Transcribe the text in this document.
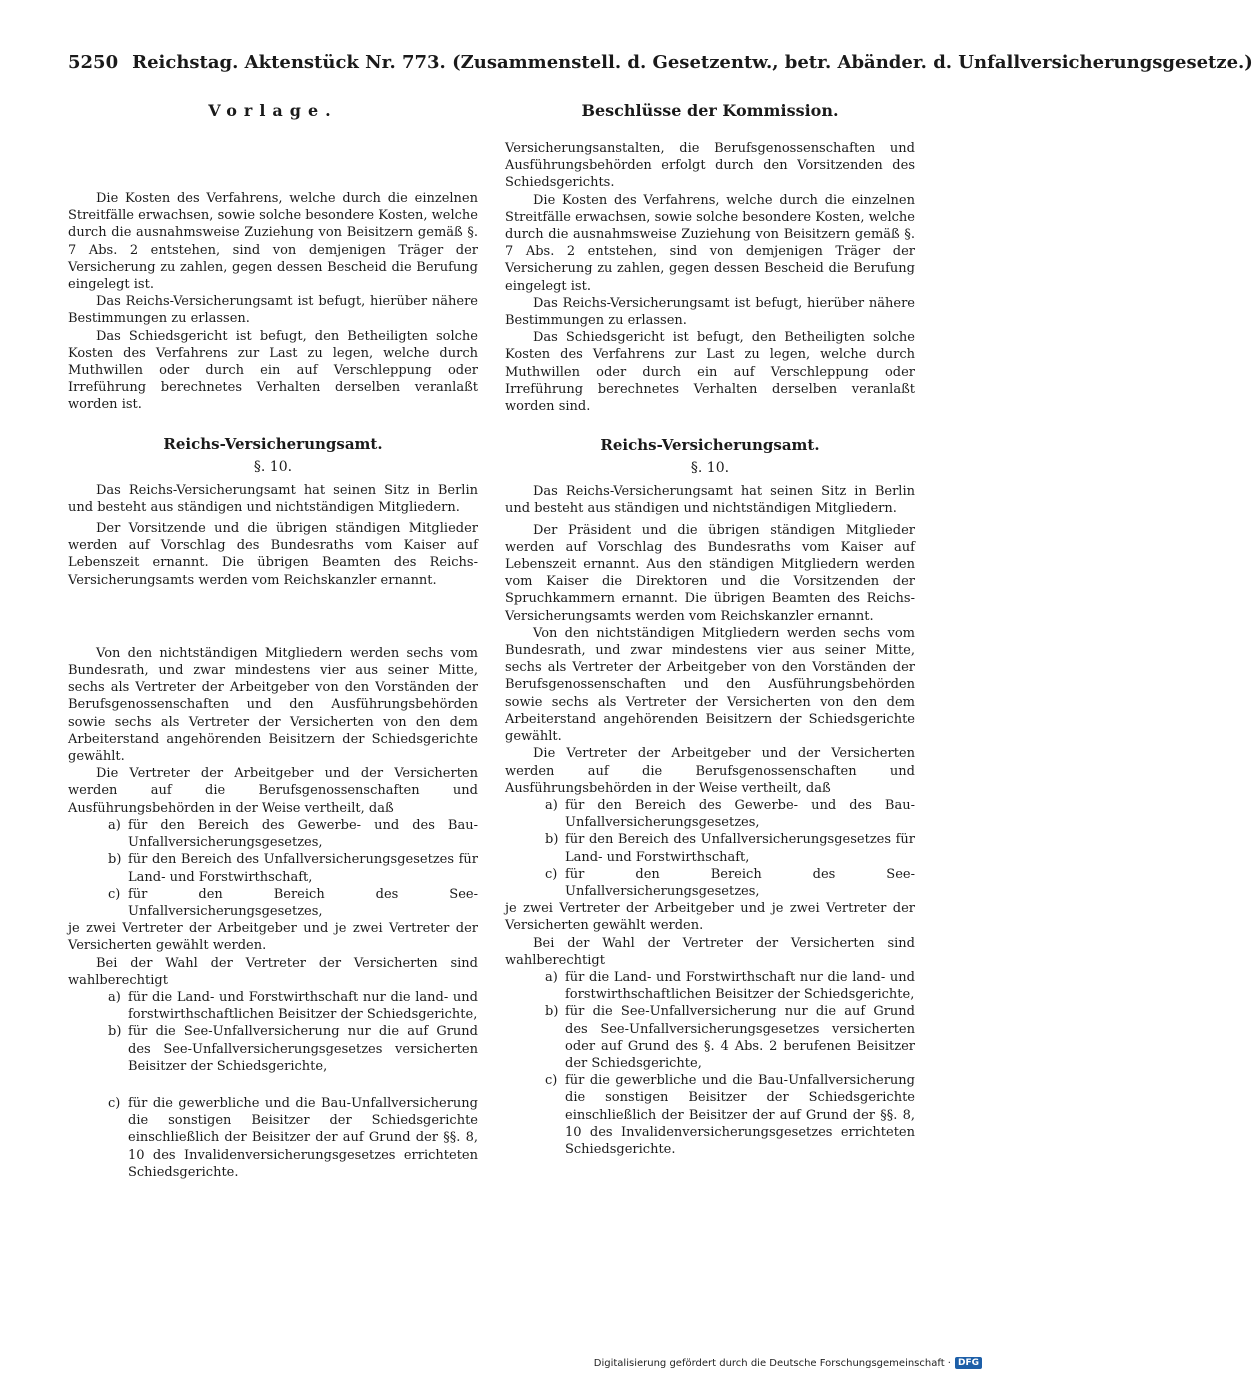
5250 Reichstag. Aktenstück Nr. 773. (Zusammenstell. d. Gesetzentw., betr. Abänder. d. Unfallversicherungsgesetze.)
Vorlage.

Die Kosten des Verfahrens, welche durch die einzelnen Streitfälle erwachsen, sowie solche besondere Kosten, welche durch die ausnahmsweise Zuziehung von Beisitzern gemäß §. 7 Abs. 2 entstehen, sind von demjenigen Träger der Versicherung zu zahlen, gegen dessen Bescheid die Berufung eingelegt ist.

Das Reichs-Versicherungsamt ist befugt, hierüber nähere Bestimmungen zu erlassen.

Das Schiedsgericht ist befugt, den Betheiligten solche Kosten des Verfahrens zur Last zu legen, welche durch Muthwillen oder durch ein auf Verschleppung oder Irreführung berechnetes Verhalten derselben veranlaßt worden ist.

Reichs-Versicherungsamt.
§. 10.

Das Reichs-Versicherungsamt hat seinen Sitz in Berlin und besteht aus ständigen und nichtständigen Mitgliedern.

Der Vorsitzende und die übrigen ständigen Mitglieder werden auf Vorschlag des Bundesraths vom Kaiser auf Lebenszeit ernannt. Die übrigen Beamten des Reichs-Versicherungsamts werden vom Reichskanzler ernannt.

Von den nichtständigen Mitgliedern werden sechs vom Bundesrath, und zwar mindestens vier aus seiner Mitte, sechs als Vertreter der Arbeitgeber von den Vorständen der Berufsgenossenschaften und den Ausführungsbehörden sowie sechs als Vertreter der Versicherten von den dem Arbeiterstand angehörenden Beisitzern der Schiedsgerichte gewählt.

Die Vertreter der Arbeitgeber und der Versicherten werden auf die Berufsgenossenschaften und Ausführungsbehörden in der Weise vertheilt, daß

a) für den Bereich des Gewerbe- und des Bau-Unfallversicherungsgesetzes,
b) für den Bereich des Unfallversicherungsgesetzes für Land- und Forstwirthschaft,
c) für den Bereich des See-Unfallversicherungsgesetzes,

je zwei Vertreter der Arbeitgeber und je zwei Vertreter der Versicherten gewählt werden.

Bei der Wahl der Vertreter der Versicherten sind wahlberechtigt

a) für die Land- und Forstwirthschaft nur die land- und forstwirthschaftlichen Beisitzer der Schiedsgerichte,
b) für die See-Unfallversicherung nur die auf Grund des See-Unfallversicherungsgesetzes versicherten Beisitzer der Schiedsgerichte,
c) für die gewerbliche und die Bau-Unfallversicherung die sonstigen Beisitzer der Schiedsgerichte einschließlich der Beisitzer der auf Grund der §§. 8, 10 des Invalidenversicherungsgesetzes errichteten Schiedsgerichte.
Beschlüsse der Kommission.

Versicherungsanstalten, die Berufsgenossenschaften und Ausführungsbehörden erfolgt durch den Vorsitzenden des Schiedsgerichts.

Die Kosten des Verfahrens, welche durch die einzelnen Streitfälle erwachsen, sowie solche besondere Kosten, welche durch die ausnahmsweise Zuziehung von Beisitzern gemäß §. 7 Abs. 2 entstehen, sind von demjenigen Träger der Versicherung zu zahlen, gegen dessen Bescheid die Berufung eingelegt ist.

Das Reichs-Versicherungsamt ist befugt, hierüber nähere Bestimmungen zu erlassen.

Das Schiedsgericht ist befugt, den Betheiligten solche Kosten des Verfahrens zur Last zu legen, welche durch Muthwillen oder durch ein auf Verschleppung oder Irreführung berechnetes Verhalten derselben veranlaßt worden sind.

Reichs-Versicherungsamt.
§. 10.

Das Reichs-Versicherungsamt hat seinen Sitz in Berlin und besteht aus ständigen und nichtständigen Mitgliedern.

Der Präsident und die übrigen ständigen Mitglieder werden auf Vorschlag des Bundesraths vom Kaiser auf Lebenszeit ernannt. Aus den ständigen Mitgliedern werden vom Kaiser die Direktoren und die Vorsitzenden der Spruchkammern ernannt. Die übrigen Beamten des Reichs-Versicherungsamts werden vom Reichskanzler ernannt.

Von den nichtständigen Mitgliedern werden sechs vom Bundesrath, und zwar mindestens vier aus seiner Mitte, sechs als Vertreter der Arbeitgeber von den Vorständen der Berufsgenossenschaften und den Ausführungsbehörden sowie sechs als Vertreter der Versicherten von den dem Arbeiterstand angehörenden Beisitzern der Schiedsgerichte gewählt.

Die Vertreter der Arbeitgeber und der Versicherten werden auf die Berufsgenossenschaften und Ausführungsbehörden in der Weise vertheilt, daß

a) für den Bereich des Gewerbe- und des Bau-Unfallversicherungsgesetzes,
b) für den Bereich des Unfallversicherungsgesetzes für Land- und Forstwirthschaft,
c) für den Bereich des See-Unfallversicherungsgesetzes,

je zwei Vertreter der Arbeitgeber und je zwei Vertreter der Versicherten gewählt werden.

Bei der Wahl der Vertreter der Versicherten sind wahlberechtigt

a) für die Land- und Forstwirthschaft nur die land- und forstwirthschaftlichen Beisitzer der Schiedsgerichte,
b) für die See-Unfallversicherung nur die auf Grund des See-Unfallversicherungsgesetzes versicherten oder auf Grund des §. 4 Abs. 2 berufenen Beisitzer der Schiedsgerichte,
c) für die gewerbliche und die Bau-Unfallversicherung die sonstigen Beisitzer der Schiedsgerichte einschließlich der Beisitzer der auf Grund der §§. 8, 10 des Invalidenversicherungsgesetzes errichteten Schiedsgerichte.
Digitalisierung gefördert durch die Deutsche Forschungsgemeinschaft · DFG
